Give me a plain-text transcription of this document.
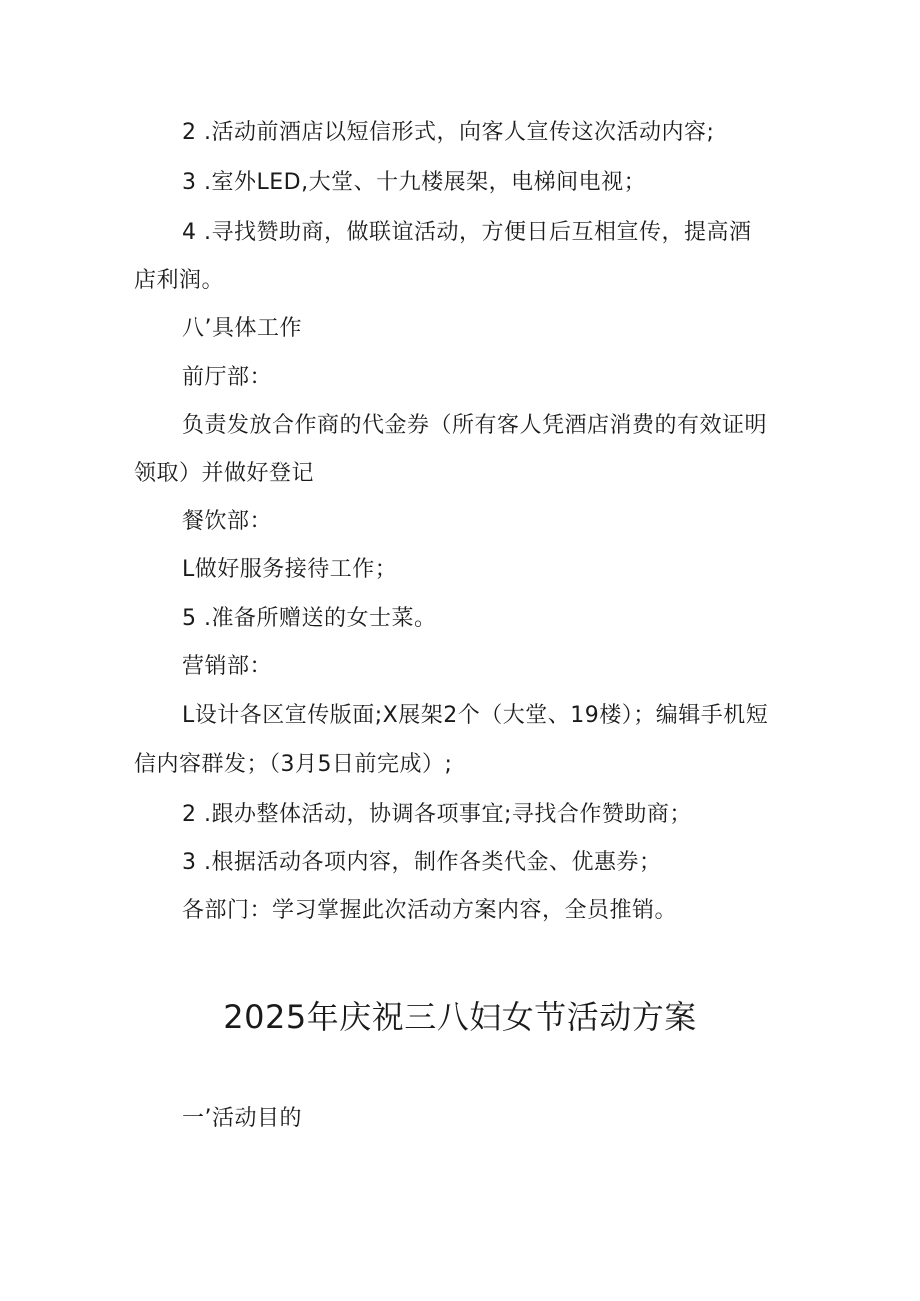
2 .活动前酒店以短信形式，向客人宣传这次活动内容;
3 .室外LED,大堂、十九楼展架，电梯间电视；
4 .寻找赞助商，做联谊活动，方便日后互相宣传，提高酒
店利润。
八’具体工作
前厅部：
负责发放合作商的代金券（所有客人凭酒店消费的有效证明
领取）并做好登记
餐饮部：
L做好服务接待工作；
5 .准备所赠送的女士菜。
营销部：
L设计各区宣传版面;X展架2个（大堂、19楼）；编辑手机短
信内容群发；（3月5日前完成）;
2 .跟办整体活动，协调各项事宜;寻找合作赞助商；
3 .根据活动各项内容，制作各类代金、优惠券；
各部门：学习掌握此次活动方案内容，全员推销。
2025年庆祝三八妇女节活动方案
一’活动目的
